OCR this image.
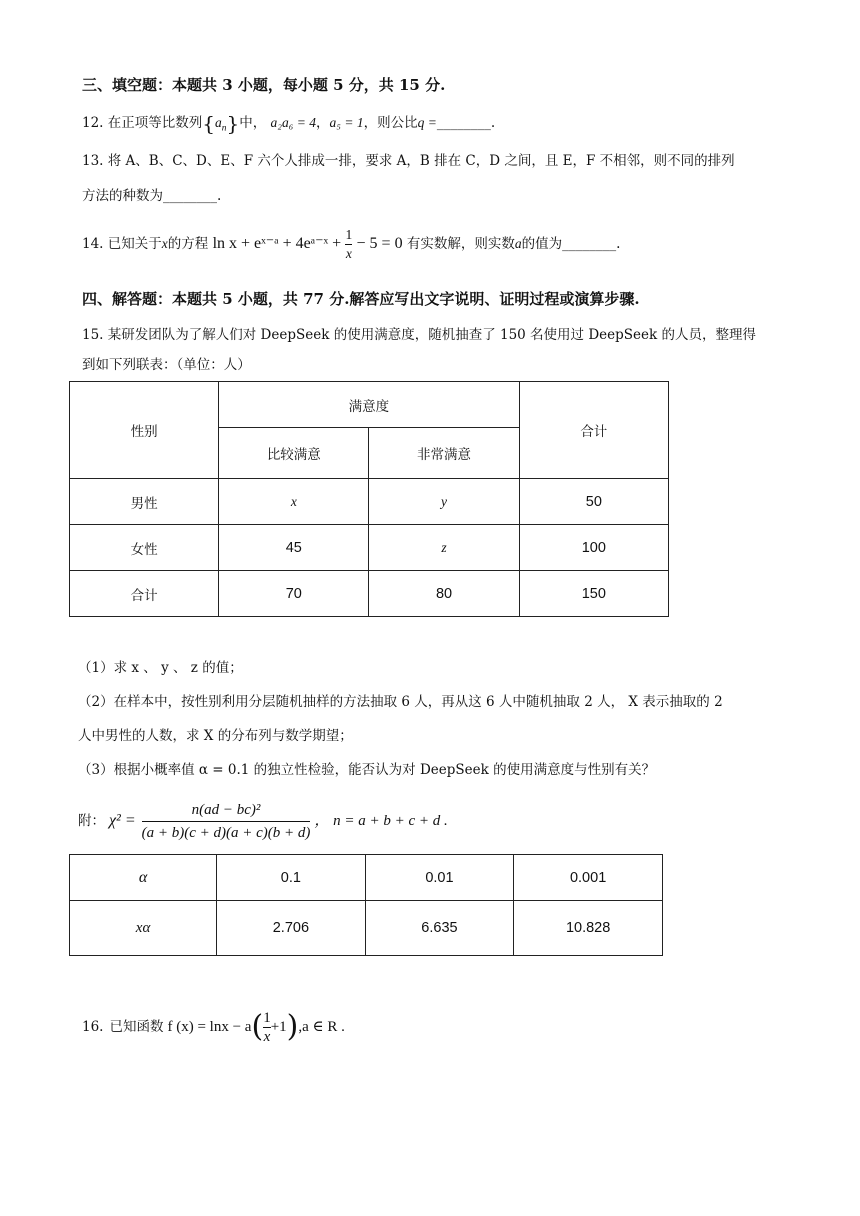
三、填空题：本题共 3 小题，每小题 5 分，共 15 分.
12. 在正项等比数列$\{a_n\}$中， a₂a₆ = 4，a₅ = 1，则公比q =________.
13. 将 A、B、C、D、E、F 六个人排成一排，要求 A，B 排在 C，D 之间，且 E，F 不相邻，则不同的排列
方法的种数为________.
14. 已知关于x的方程 ln x + eˣ⁻ᵃ + 4eᵃ⁻ˣ + $\frac{1}{x} - 5 = 0$ 有实数解，则实数a的值为________.
四、解答题：本题共 5 小题，共 77 分.解答应写出文字说明、证明过程或演算步骤.
15. 某研发团队为了解人们对 DeepSeek 的使用满意度，随机抽查了 150 名使用过 DeepSeek 的人员，整理得
到如下列联表：（单位：人）
性别	满意度		合计
	比较满意	非常满意	
男性	x	y	50
女性	45	z	100
合计	70	80	150
（1）求 x 、 y 、 z 的值；
（2）在样本中，按性别利用分层随机抽样的方法抽取 6 人，再从这 6 人中随机抽取 2 人， X 表示抽取的 2
人中男性的人数，求 X 的分布列与数学期望；
（3）根据小概率值 α = 0.1 的独立性检验，能否认为对 DeepSeek 的使用满意度与性别有关？
附： $\chi^2 = \frac{\text{n(ad − bc)²}}{(a + b)(c + d)(a + c)(b + d)}$ ， n = a + b + c + d .
α	0.1	0.01	0.001
xα	2.706	6.635	10.828
16. 已知函数 f (x) = lnx − a ( $\frac{1}{x} +1$ ) ,a ∈ R .
